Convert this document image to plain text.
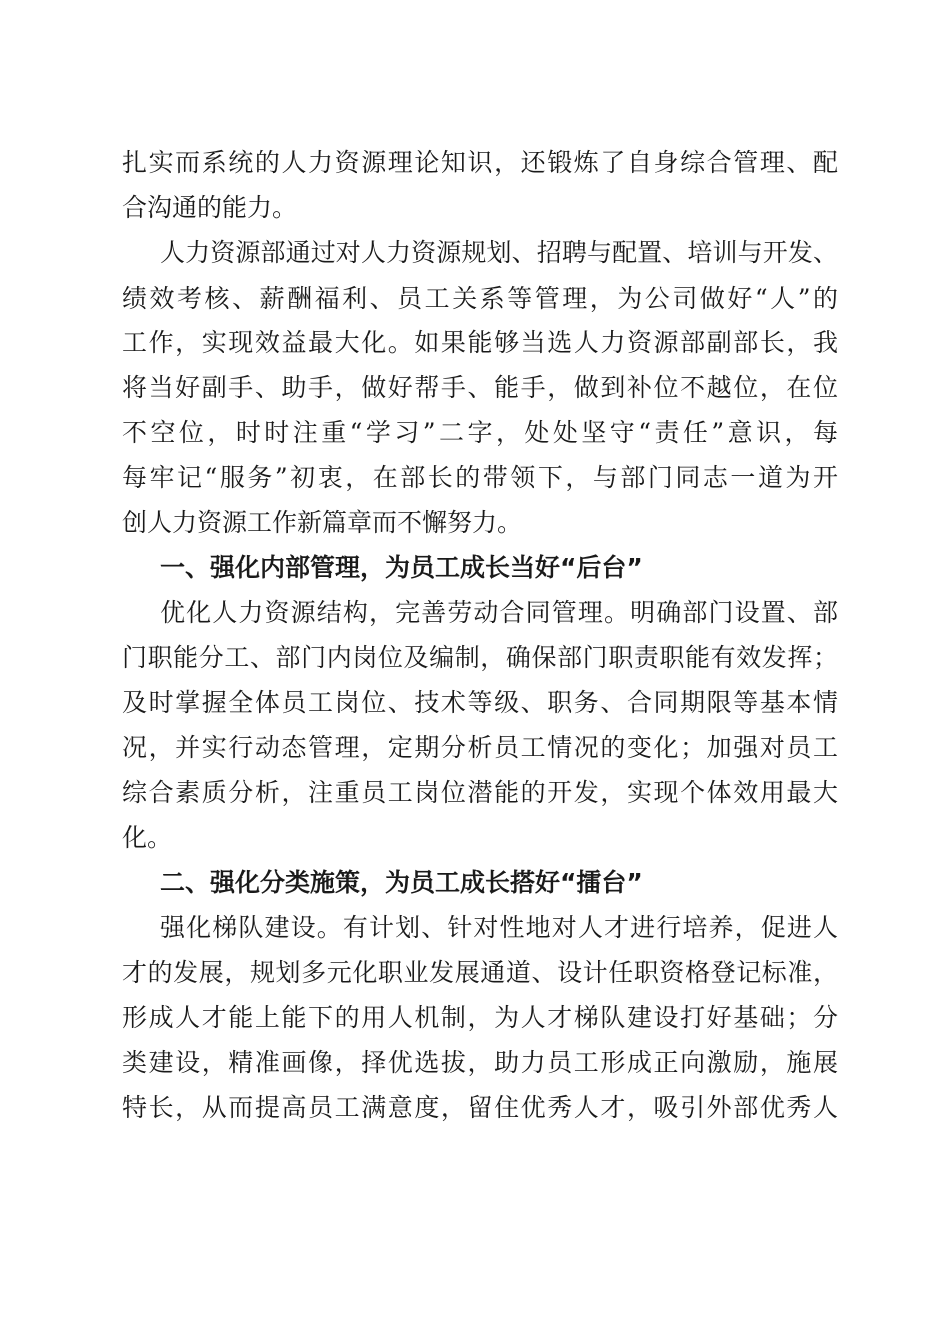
扎实而系统的人力资源理论知识，还锻炼了自身综合管理、配
合沟通的能力。
人力资源部通过对人力资源规划、招聘与配置、培训与开发、
绩效考核、薪酬福利、员工关系等管理，为公司做好“人”的
工作，实现效益最大化。如果能够当选人力资源部副部长，我
将当好副手、助手，做好帮手、能手，做到补位不越位，在位
不空位，时时注重“学习”二字，处处坚守“责任”意识，每
每牢记“服务”初衷，在部长的带领下，与部门同志一道为开
创人力资源工作新篇章而不懈努力。
一、强化内部管理，为员工成长当好“后台”
优化人力资源结构，完善劳动合同管理。明确部门设置、部
门职能分工、部门内岗位及编制，确保部门职责职能有效发挥；
及时掌握全体员工岗位、技术等级、职务、合同期限等基本情
况，并实行动态管理，定期分析员工情况的变化；加强对员工
综合素质分析，注重员工岗位潜能的开发，实现个体效用最大
化。
二、强化分类施策，为员工成长搭好“擂台”
强化梯队建设。有计划、针对性地对人才进行培养，促进人
才的发展，规划多元化职业发展通道、设计任职资格登记标准，
形成人才能上能下的用人机制，为人才梯队建设打好基础；分
类建设，精准画像，择优选拔，助力员工形成正向激励，施展
特长，从而提高员工满意度，留住优秀人才，吸引外部优秀人
